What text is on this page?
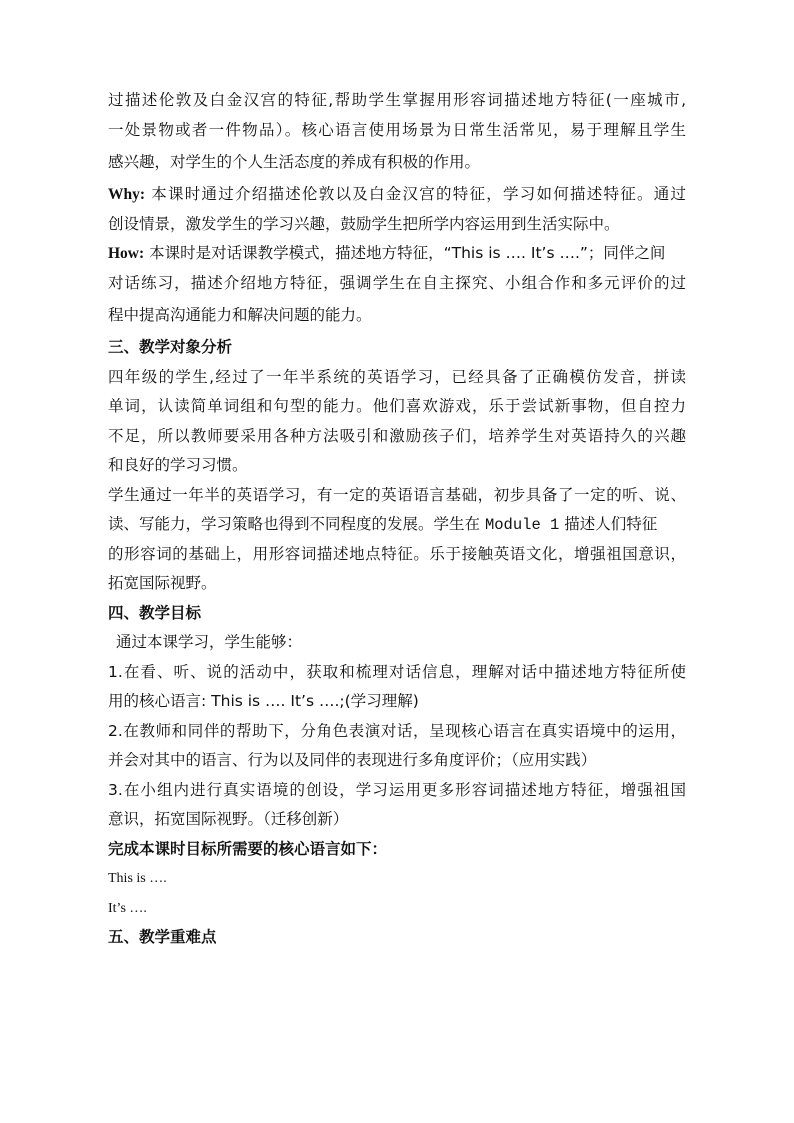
过描述伦敦及白金汉宫的特征,帮助学生掌握用形容词描述地方特征(一座城市,
一处景物或者一件物品）。核心语言使用场景为日常生活常见，易于理解且学生
感兴趣，对学生的个人生活态度的养成有积极的作用。
Why: 本课时通过介绍描述伦敦以及白金汉宫的特征，学习如何描述特征。通过
创设情景，激发学生的学习兴趣，鼓励学生把所学内容运用到生活实际中。
How: 本课时是对话课教学模式，描述地方特征，“This is …. It’s ….”；同伴之间
对话练习，描述介绍地方特征，强调学生在自主探究、小组合作和多元评价的过
程中提高沟通能力和解决问题的能力。
三、教学对象分析
四年级的学生,经过了一年半系统的英语学习，已经具备了正确模仿发音，拼读
单词，认读简单词组和句型的能力。他们喜欢游戏，乐于尝试新事物，但自控力
不足，所以教师要采用各种方法吸引和激励孩子们，培养学生对英语持久的兴趣
和良好的学习习惯。
学生通过一年半的英语学习，有一定的英语语言基础，初步具备了一定的听、说、
读、写能力，学习策略也得到不同程度的发展。学生在 Module 1 描述人们特征
的形容词的基础上，用形容词描述地点特征。乐于接触英语文化，增强祖国意识，
拓宽国际视野。
四、教学目标
通过本课学习，学生能够：
1.在看、听、说的活动中，获取和梳理对话信息，理解对话中描述地方特征所使
用的核心语言: This is …. It’s ….;(学习理解)
2.在教师和同伴的帮助下，分角色表演对话，呈现核心语言在真实语境中的运用，
并会对其中的语言、行为以及同伴的表现进行多角度评价；（应用实践）
3.在小组内进行真实语境的创设，学习运用更多形容词描述地方特征，增强祖国
意识，拓宽国际视野。（迁移创新）
完成本课时目标所需要的核心语言如下：
This is ….
It’s ….
五、教学重难点
